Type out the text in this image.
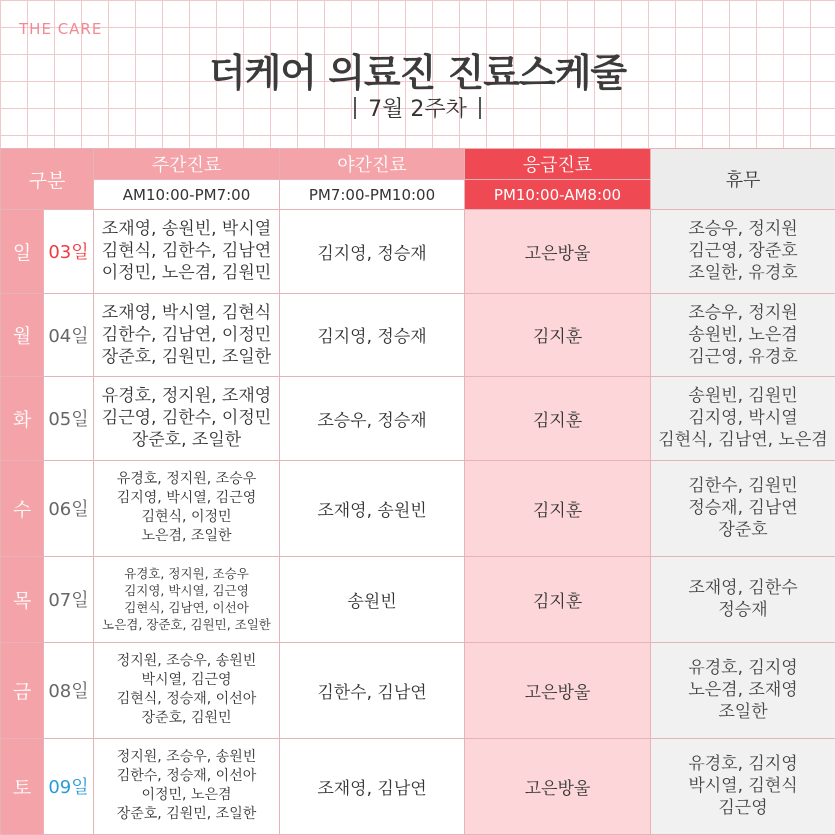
THE CARE
더케어 의료진 진료스케줄
7월 2주차
구분		주간진료	야간진료	응급진료	휴무
		AM10:00-PM7:00	PM7:00-PM10:00	PM10:00-AM8:00	
일	03일	조재영, 송원빈, 박시열
김현식, 김한수, 김남연
이정민, 노은겸, 김원민	김지영, 정승재	고은방울	조승우, 정지원
김근영, 장준호
조일한, 유경호

월	04일	조재영, 박시열, 김현식
김한수, 김남연, 이정민
장준호, 김원민, 조일한	김지영, 정승재	김지훈	조승우, 정지원
송원빈, 노은겸
김근영, 유경호

화	05일	유경호, 정지원, 조재영
김근영, 김한수, 이정민
장준호, 조일한	조승우, 정승재	김지훈	송원빈, 김원민
김지영, 박시열
김현식, 김남연, 노은겸

수	06일	유경호, 정지원, 조승우
김지영, 박시열, 김근영
김현식, 이정민
노은겸, 조일한	조재영, 송원빈	김지훈	김한수, 김원민
정승재, 김남연
장준호

목	07일	유경호, 정지원, 조승우
김지영, 박시열, 김근영
김현식, 김남연, 이선아
노은겸, 장준호, 김원민, 조일한	송원빈	김지훈	조재영, 김한수
정승재

금	08일	정지원, 조승우, 송원빈
박시열, 김근영
김현식, 정승재, 이선아
장준호, 김원민	김한수, 김남연	고은방울	유경호, 김지영
노은겸, 조재영
조일한

토	09일	정지원, 조승우, 송원빈
김한수, 정승재, 이선아
이정민, 노은겸
장준호, 김원민, 조일한	조재영, 김남연	고은방울	유경호, 김지영
박시열, 김현식
김근영
